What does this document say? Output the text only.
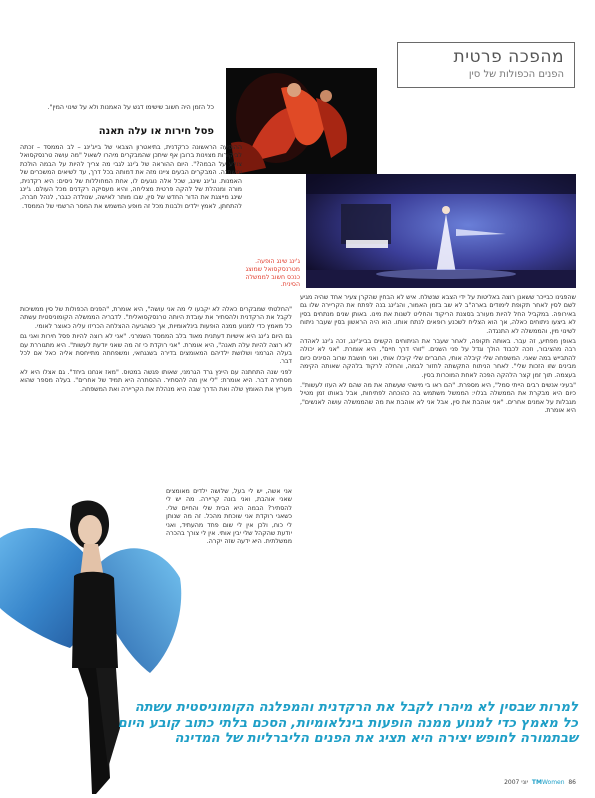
מהפכה פרטית
הפנים הכפולות של סין
ג'ינג שינג הופעה. מטרנסקסואל שמוצג כנכס חשוב לממשלה הסינית.

כל הזמן היה חשוב שישימו דגש על האמנות ולא על שינוי המין".

פסל חירות או עלה תאנה

ההופעה הראשונה כרקדנית, בתיאטרון הצבאי של בייג'ינג – לב הממסד – זכתה לביקורות מצוינות ברובן אף שיתכן שהמבקרים מיהרו לשאול "מה עושה טרנסקסואל צולע על הבמה?". היום ההוראה של ג'ינג לגבי מה צריך להיות על הבמה הולכת ומשתנה. המבקרים הבעים ציינו מזה את דמותה בכל דרך, עד לשיאים המשכרים של האמנות. וג'ינג שינג, שכל אלה נוגעים לו, אחת המחוללות של ניסים: היא רקדנית, מורה ומנהלת של להקה פרטית מצליחה, והיא מעסיקה רקדנים מכל העולם. ג'ינג שינג מייצגת את הדור החדש של סין, שבו מותר לאישה, שנולדה כגבר, לנהל חברה, להתחתן, לאמץ ילדים ולבנות מכל זה מופע המשמש את המסר הרשמי של הממסד.

"החלטתי שמבקרים כאלה לא יקבעו לי מה אני עושה", היא אומרת, "הפנים הכפולות של סין ממשיכות לקבל את הרקדנית ולהסתיר את עובדת היותה טרנסקסואלית". לדבריה הממשלה הקומוניסטית עשתה כל מאמץ כדי למנוע ממנה הופעות בינלאומיות, אך כשהגיעה ההצלחה הכריזו עליה כאוצר לאומי.

גם היום ג'ינג היא אישיות דעתנית מאוד בלב הממסד השמרני. "אני לא רוצה להיות פסל חירות ואני גם לא רוצה להיות עלה תאנה", היא אומרת. "אני רוקדת כי זה מה שאני יודעת לעשות". היא מתגוררת עם בעלה הגרמני ושלושת ילדיהם המאומצים בדירה בשנגחאי, ומשפחתה מתייחסת אליה כאל אם לכל דבר.

לפני שנה התחתנה עם היינץ גרד הגרמני, שאותו פגשה במטוס. "מאז אנחנו ביחד". גם אצלו היא לא מסתירה דבר. היא אומרת: "לי אין מה להסתיר. ההסתרה היא תמיד של אחרים". בעלה מספר שהוא מעריץ את האומץ שלה ואת הדרך שבה היא מנהלת את הקריירה ואת המשפחה.

אני אשה, יש לי בעל, שלושה ילדים מאומצים שאני אוהבת, ואני בונה קריירה. מה יש לי להסתיר? הבמה היא הבית שלי והחיים שלי. כשאני רוקדת אני שוכחת מהכל. זה מה שנותן לי כוח, ולכן אין לי שום פחד מהעתיד, ואני יודעת שהקהל שלי יבין אותי. אין לי צורך בהכרה ממשלתית. היא ידעה שזה יקרה.

שהפגינו כבייכר ששאנן רוצה באליטות על ידי הצבא שנשלח. איש לא הבחין שהקרן צעיר אחד שהיה מגיע לשם לסין לאחר תקופת לימודים בארה"ב לא שב בזמן האמור, והג'ינג בנה לפתח את הקריירה שלו גם באירופה. במקביל החל להיות מעורב בסצנת הריקוד והחליט לשנות את מינו. באותן שנים מנתחים בסין לא ביצעו ניתוחים כאלה, אך הוא הצליח לשכנע רופאים לנתח אותו. הוא היה הראשון בסין שעבר ניתוח לשינוי מין, והממשלה לא התנגדה.

באופן מפתיע, זה עבר. באותה תקופה, לאחר שעבר את הניתוחים הקשים בבייג'ינג, זכה ג'ינג לאהדה רבה מהציבור, וזכה לכבוד הולך וגדל על פני השנים. "זוהי דרך חיים", היא אומרת. "אני לא יכולה להתבייש במה שאני. המשפחה שלי קיבלה אותי, החברים שלי קיבלו אותי, ואני חושבת שרוב הסינים כיום מבינים שזו הזכות שלי". לאחר הניתוח התקשתה לחזור לבמה, והחלה לרקוד בלהקה שאותה הקימה בעצמה. תוך זמן קצר הלהקה הפכה לאחת המוכרות בסין.

"בעיני אנשים רבים הייתי סמל", היא מספרת. "הם ראו בי מישהי שעשתה את מה שהם לא העזו לעשות". כיום היא מבקרת את הממשלה בגלוי: הממשל משתמש בה כהוכחה לפתיחות, אבל באותו זמן מטיל מגבלות על אמנים אחרים. "אני אוהבת את סין, אבל אני לא אוהבת את מה שהממשלה עושה לאנשים", היא אומרת.

למרות שבסין לא מיהרו לקבל את הרקדנית והמפלגה הקומוניסטית עשתה
כל מאמץ כדי למנוע ממנה הופעות בינלאומיות, הסכם בלתי כתוב קובע היום
שבתמורה לחופש יצירה היא תציג את הפנים הליברליות של המדינה
2007 יוני TMWomen 86
